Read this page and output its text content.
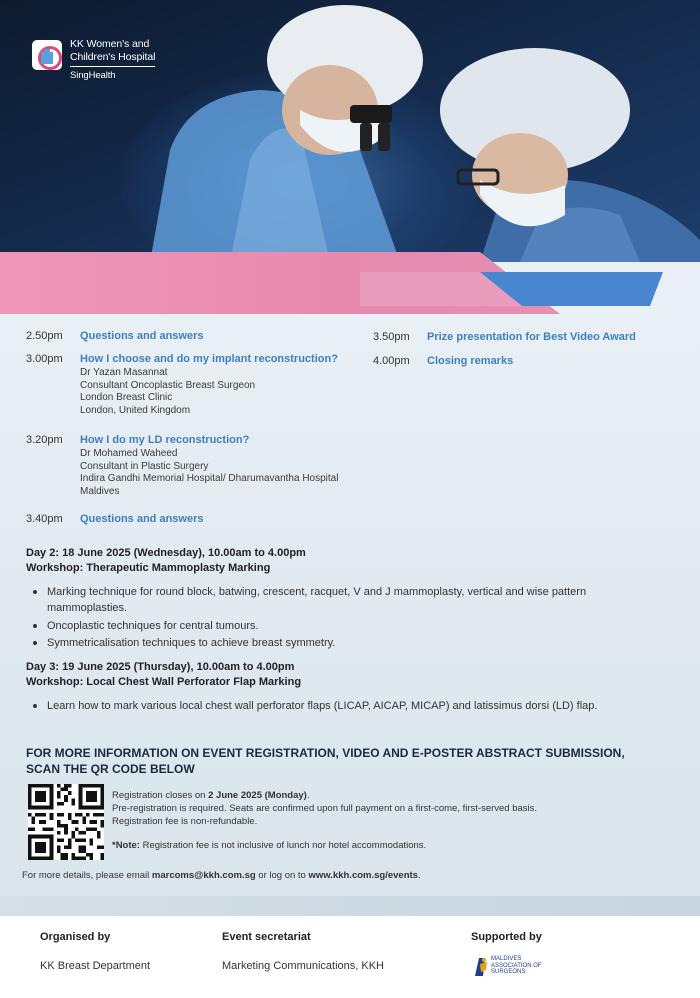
KK Women's and
Children's Hospital
SingHealth
2.50pm Questions and answers
3.00pm How I choose and do my implant reconstruction?
Dr Yazan Masannat
Consultant Oncoplastic Breast Surgeon
London Breast Clinic
London, United Kingdom
3.20pm How I do my LD reconstruction?
Dr Mohamed Waheed
Consultant in Plastic Surgery
Indira Gandhi Memorial Hospital/ Dharumavantha Hospital
Maldives
3.40pm Questions and answers
3.50pm Prize presentation for Best Video Award
4.00pm Closing remarks
Day 2: 18 June 2025 (Wednesday), 10.00am to 4.00pm
Workshop: Therapeutic Mammoplasty Marking
Marking technique for round block, batwing, crescent, racquet, V and J mammoplasty, vertical and wise pattern
mammoplasties.
Oncoplastic techniques for central tumours.
Symmetricalisation techniques to achieve breast symmetry.
Day 3: 19 June 2025 (Thursday), 10.00am to 4.00pm
Workshop: Local Chest Wall Perforator Flap Marking
Learn how to mark various local chest wall perforator flaps (LICAP, AICAP, MICAP) and latissimus dorsi (LD) flap.
FOR MORE INFORMATION ON EVENT REGISTRATION, VIDEO AND E-POSTER ABSTRACT SUBMISSION,
SCAN THE QR CODE BELOW
Registration closes on 2 June 2025 (Monday).
Pre-registration is required. Seats are confirmed upon full payment on a first-come, first-served basis.
Registration fee is non-refundable.
*Note: Registration fee is not inclusive of lunch nor hotel accommodations.
For more details, please email marcoms@kkh.com.sg or log on to www.kkh.com.sg/events.
Organised by
KK Breast Department
Event secretariat
Marketing Communications, KKH
Supported by
MALDIVES
ASSOCIATION OF
SURGEONS
